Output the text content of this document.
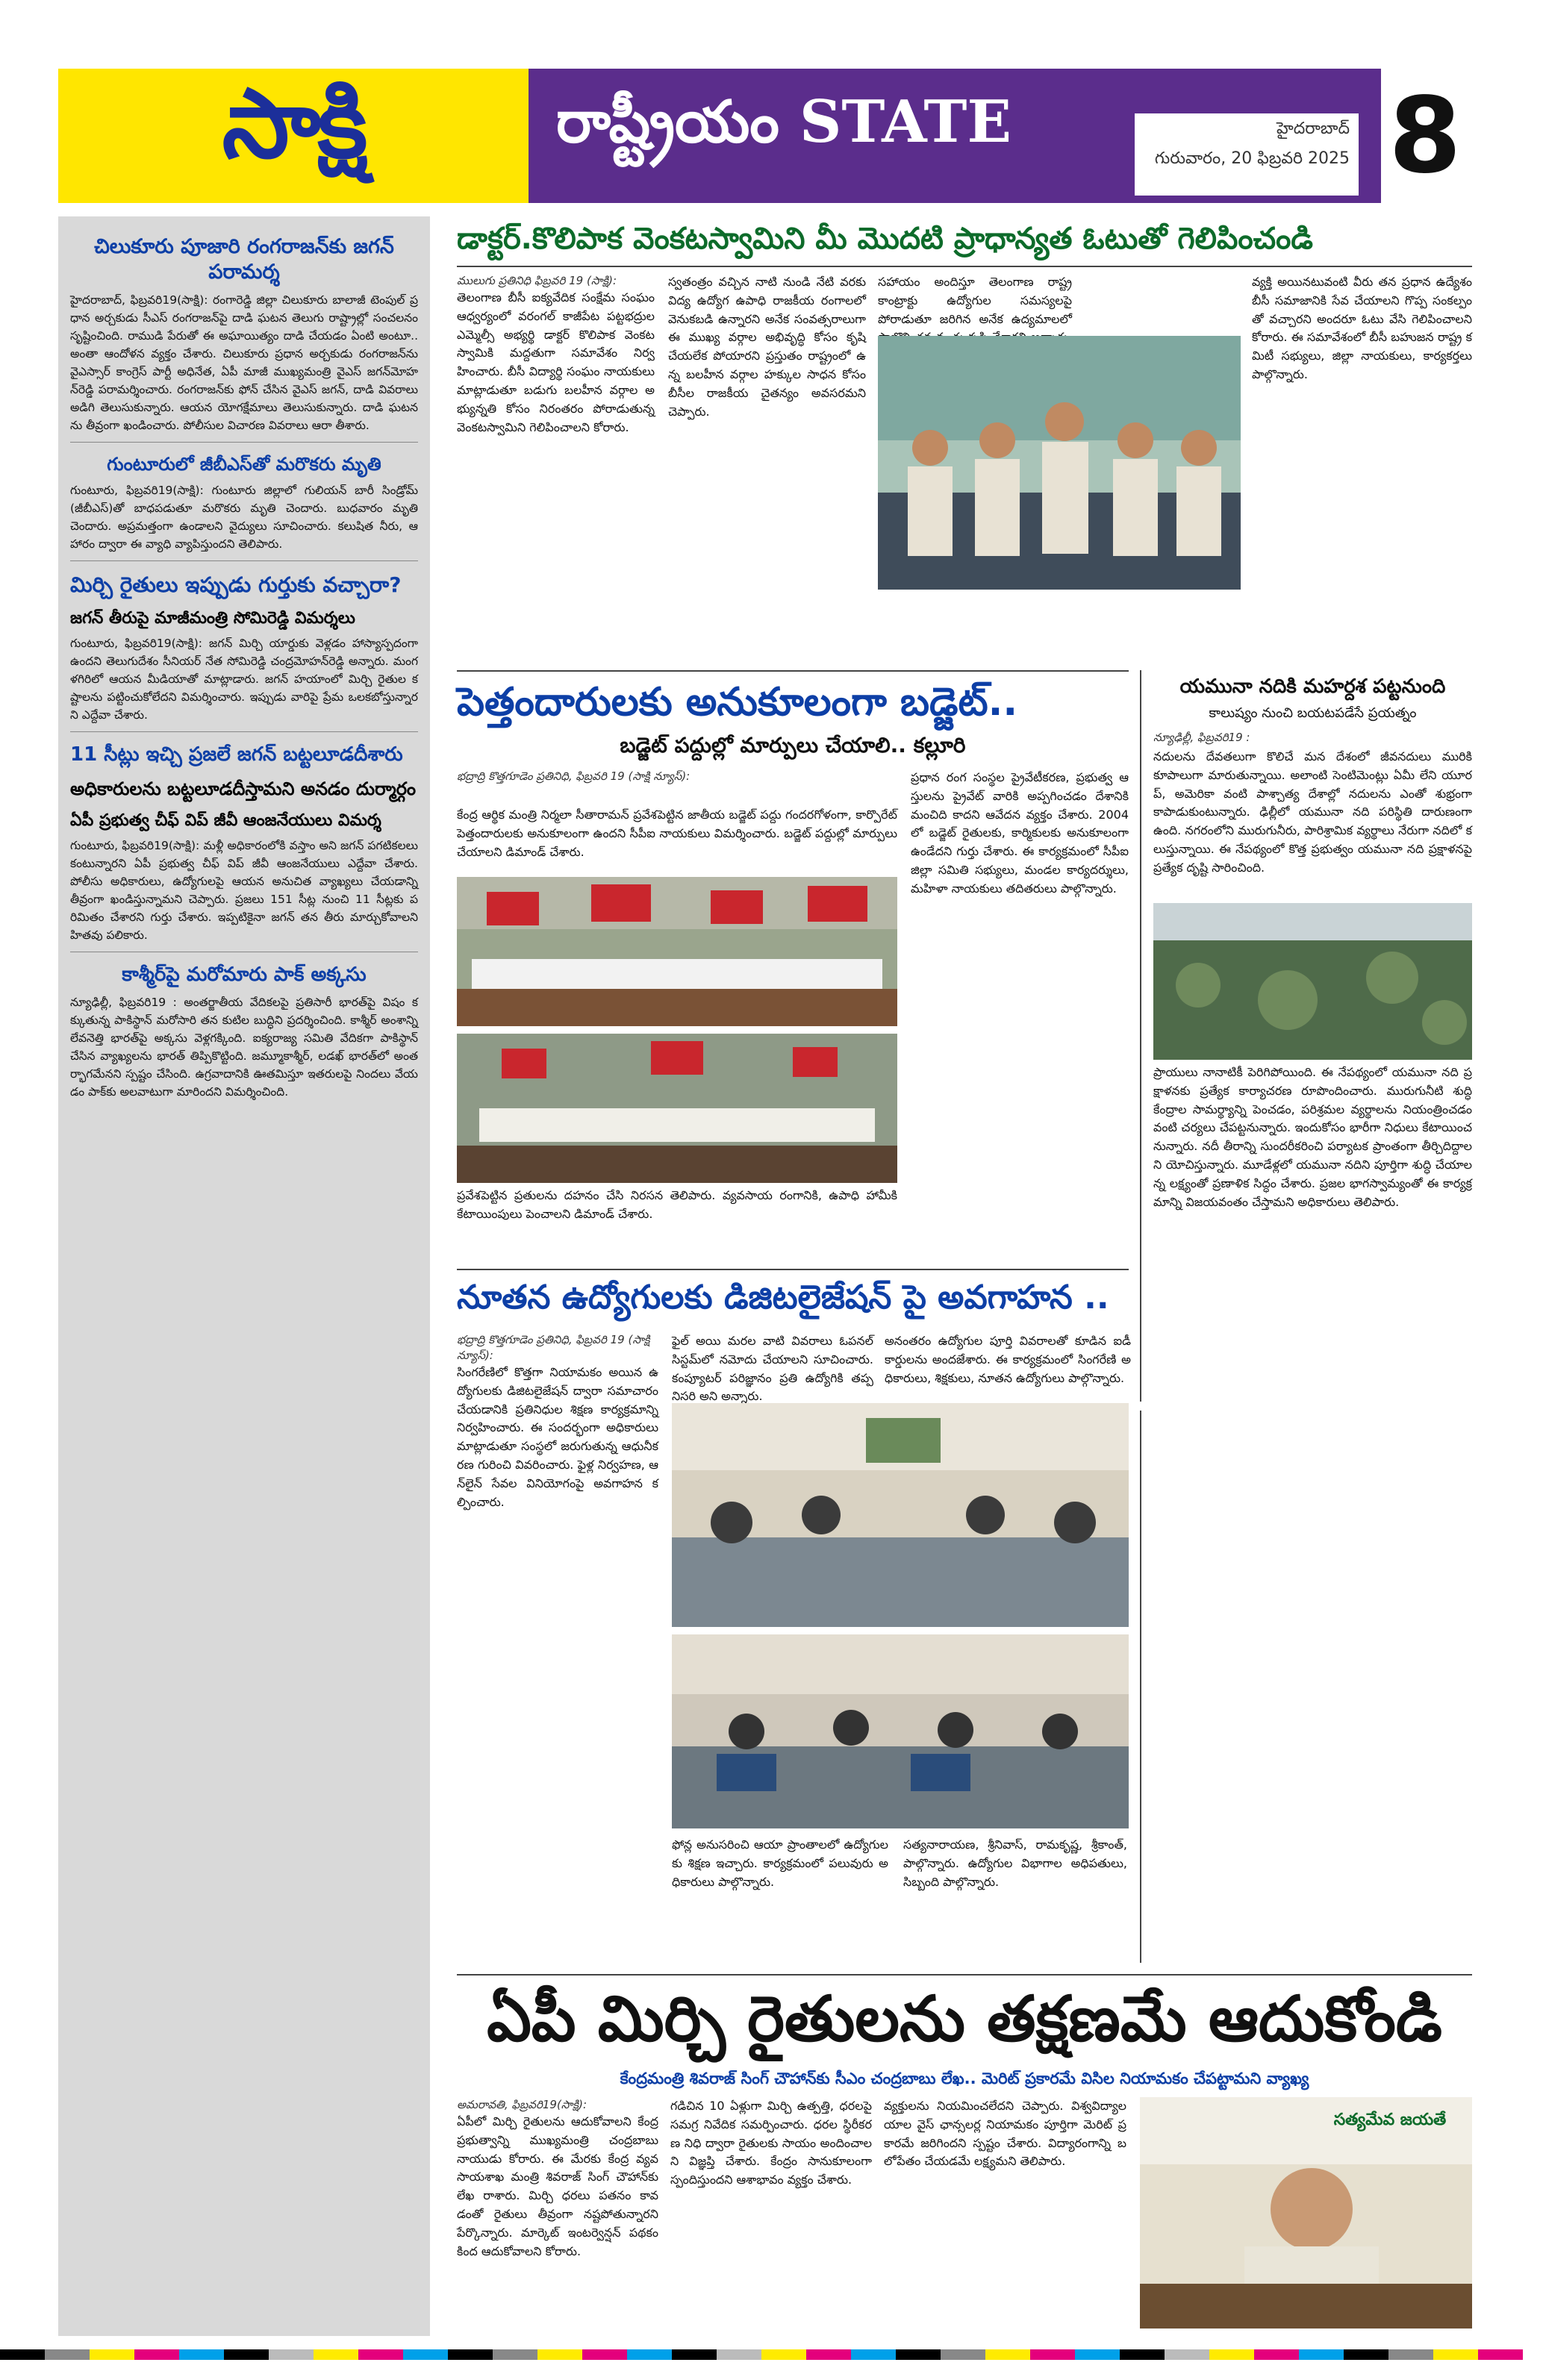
సాక్షి	రాష్ట్రీయం STATE	హైదరాబాద్
గురువారం, 20 ఫిబ్రవరి 2025 8
చిలుకూరు పూజారి రంగరాజన్‌కు జగన్ పరామర్శ
హైదరాబాద్, ఫిబ్రవరి19(సాక్షి): రంగారెడ్డి జిల్లా చిలుకూరు బాలాజీ టెంపుల్ ప్రధాన అర్చకుడు సీఎస్ రంగరాజన్‌పై దాడి ఘటన తెలుగు రాష్ట్రాల్లో సంచలనం సృష్టించింది. రాముడి పేరుతో ఈ అఘాయిత్యం దాడి చేయడం ఏంటి అంటూ.. అంతా ఆందోళన వ్యక్తం చేశారు. చిలుకూరు ప్రధాన అర్చకుడు రంగరాజన్‌ను వైఎస్సార్ కాంగ్రెస్ పార్టీ అధినేత, ఏపీ మాజీ ముఖ్యమంత్రి వైఎస్ జగన్‌మోహన్‌రెడ్డి పరామర్శించారు. రంగరాజన్‌కు ఫోన్ చేసిన వైఎస్ జగన్, దాడి వివరాలు అడిగి తెలుసుకున్నారు. ఆయన యోగక్షేమాలు తెలుసుకున్నారు. దాడి ఘటనను తీవ్రంగా ఖండించారు. పోలీసుల విచారణ వివరాలు ఆరా తీశారు.
గుంటూరులో జీబీఎస్‌తో మరొకరు మృతి
గుంటూరు, ఫిబ్రవరి19(సాక్షి): గుంటూరు జిల్లాలో గులియన్ బారీ సిండ్రోమ్ (జీబీఎస్)తో బాధపడుతూ మరొకరు మృతి చెందారు. బుధవారం మృతి చెందారు. అప్రమత్తంగా ఉండాలని వైద్యులు సూచించారు. కలుషిత నీరు, ఆహారం ద్వారా ఈ వ్యాధి వ్యాపిస్తుందని తెలిపారు.
మిర్చి రైతులు ఇప్పుడు గుర్తుకు వచ్చారా?
జగన్ తీరుపై మాజీమంత్రి సోమిరెడ్డి విమర్శలు
గుంటూరు, ఫిబ్రవరి19(సాక్షి): జగన్ మిర్చి యార్డుకు వెళ్లడం హాస్యాస్పదంగా ఉందని తెలుగుదేశం సీనియర్ నేత సోమిరెడ్డి చంద్రమోహన్‌రెడ్డి అన్నారు. మంగళగిరిలో ఆయన మీడియాతో మాట్లాడారు. జగన్ హయాంలో మిర్చి రైతుల కష్టాలను పట్టించుకోలేదని విమర్శించారు. ఇప్పుడు వారిపై ప్రేమ ఒలకబోస్తున్నారని ఎద్దేవా చేశారు.
11 సీట్లు ఇచ్చి ప్రజలే జగన్ బట్టలూడదీశారు
అధికారులను బట్టలూడదీస్తామని అనడం దుర్మార్గం
ఏపీ ప్రభుత్వ చీఫ్ విప్ జీవీ ఆంజనేయులు విమర్శ
గుంటూరు, ఫిబ్రవరి19(సాక్షి): మళ్లీ అధికారంలోకి వస్తాం అని జగన్ పగటికలలు కంటున్నారని ఏపీ ప్రభుత్వ చీఫ్ విప్ జీవీ ఆంజనేయులు ఎద్దేవా చేశారు. పోలీసు అధికారులు, ఉద్యోగులపై ఆయన అనుచిత వ్యాఖ్యలు చేయడాన్ని తీవ్రంగా ఖండిస్తున్నామని చెప్పారు. ప్రజలు 151 సీట్ల నుంచి 11 సీట్లకు పరిమితం చేశారని గుర్తు చేశారు. ఇప్పటికైనా జగన్ తన తీరు మార్చుకోవాలని హితవు పలికారు.
కాశ్మీర్‌పై మరోమారు పాక్ అక్కసు
న్యూఢిల్లీ, ఫిబ్రవరి19 : అంతర్జాతీయ వేదికలపై ప్రతిసారీ భారత్‌పై విషం కక్కుతున్న పాకిస్థాన్ మరోసారి తన కుటిల బుద్ధిని ప్రదర్శించింది. కాశ్మీర్ అంశాన్ని లేవనెత్తి భారత్‌పై అక్కసు వెళ్లగక్కింది. ఐక్యరాజ్య సమితి వేదికగా పాకిస్థాన్ చేసిన వ్యాఖ్యలను భారత్ తిప్పికొట్టింది. జమ్మూకాశ్మీర్, లడఖ్ భారత్‌లో అంతర్భాగమేనని స్పష్టం చేసింది. ఉగ్రవాదానికి ఊతమిస్తూ ఇతరులపై నిందలు వేయడం పాక్‌కు అలవాటుగా మారిందని విమర్శించింది.
డాక్టర్.కొలిపాక వెంకటస్వామిని మీ మొదటి ప్రాధాన్యత ఓటుతో గెలిపించండి
ములుగు ప్రతినిధి ఫిబ్రవరి 19 (సాక్షి):
తెలంగాణ బీసీ ఐక్యవేదిక సంక్షేమ సంఘం ఆధ్వర్యంలో వరంగల్ కాజీపేట పట్టభద్రుల ఎమ్మెల్సీ అభ్యర్థి డాక్టర్ కొలిపాక వెంకటస్వామికి మద్దతుగా సమావేశం నిర్వహించారు. బీసీ విద్యార్థి సంఘం నాయకులు మాట్లాడుతూ బడుగు బలహీన వర్గాల అభ్యున్నతి కోసం నిరంతరం పోరాడుతున్న వెంకటస్వామిని గెలిపించాలని కోరారు.
స్వతంత్రం వచ్చిన నాటి నుండి నేటి వరకు విద్య ఉద్యోగ ఉపాధి రాజకీయ రంగాలలో వెనుకబడి ఉన్నారని అనేక సంవత్సరాలుగా ఈ ముఖ్య వర్గాల అభివృద్ధి కోసం కృషి చేయలేక పోయారని ప్రస్తుతం రాష్ట్రంలో ఉన్న బలహీన వర్గాల హక్కుల సాధన కోసం బీసీల రాజకీయ చైతన్యం అవసరమని చెప్పారు.
సహాయం అందిస్తూ తెలంగాణ రాష్ట్ర కాంట్రాక్టు ఉద్యోగుల సమస్యలపై పోరాడుతూ జరిగిన అనేక ఉద్యమాలలో
వ్యక్తి అయినటువంటి వీరు తన ప్రధాన ఉద్యేశం బీసీ సమాజానికి సేవ చేయాలని గొప్ప సంకల్పం తో వచ్చారని అందరూ ఓటు వేసి గెలిపించాలని కోరారు. ఈ సమావేశంలో బీసీ బహుజన రాష్ట్ర కమిటీ సభ్యులు, జిల్లా నాయకులు, కార్యకర్తలు పాల్గొన్నారు.
పెత్తందారులకు అనుకూలంగా బడ్జెట్..
బడ్జెట్ పద్దుల్లో మార్పులు చేయాలి.. కల్లూరి
భద్రాద్రి కొత్తగూడెం ప్రతినిధి, ఫిబ్రవరి 19 (సాక్షి న్యూస్):
కేంద్ర ఆర్థిక మంత్రి నిర్మలా సీతారామన్ ప్రవేశపెట్టిన జాతీయ బడ్జెట్ పద్దు గందరగోళంగా, కార్పొరేట్ పెత్తందారులకు అనుకూలంగా ఉందని సీపీఐ నాయకులు విమర్శించారు. బడ్జెట్ పద్దుల్లో మార్పులు చేయాలని డిమాండ్ చేశారు.
ప్రవేశపెట్టిన ప్రతులను దహనం చేసి నిరసన తెలిపారు. వ్యవసాయ రంగానికి, ఉపాధి హామీకి కేటాయింపులు పెంచాలని డిమాండ్ చేశారు.
ప్రధాన రంగ సంస్థల ప్రైవేటీకరణ, ప్రభుత్వ ఆస్తులను ప్రైవేట్ వారికి అప్పగించడం దేశానికి మంచిది కాదని ఆవేదన వ్యక్తం చేశారు. 2004లో బడ్జెట్ రైతులకు, కార్మికులకు అనుకూలంగా ఉండేదని గుర్తు చేశారు. ఈ కార్యక్రమంలో సీపీఐ జిల్లా సమితి సభ్యులు, మండల కార్యదర్శులు, మహిళా నాయకులు తదితరులు పాల్గొన్నారు.
యమునా నదికి మహర్దశ పట్టనుంది
కాలుష్యం నుంచి బయటపడేసే ప్రయత్నం
న్యూఢిల్లీ, ఫిబ్రవరి19 :
నదులను దేవతలుగా కొలిచే మన దేశంలో జీవనదులు మురికి కూపాలుగా మారుతున్నాయి. అలాంటి సెంటిమెంట్లు ఏమీ లేని యూరప్, అమెరికా వంటి పాశ్చాత్య దేశాల్లో నదులను ఎంతో శుభ్రంగా కాపాడుకుంటున్నారు. ఢిల్లీలో యమునా నది పరిస్థితి దారుణంగా ఉంది. నగరంలోని మురుగునీరు, పారిశ్రామిక వ్యర్థాలు నేరుగా నదిలో కలుస్తున్నాయి. ఈ నేపథ్యంలో కొత్త ప్రభుత్వం యమునా నది ప్రక్షాళనపై ప్రత్యేక దృష్టి సారించింది.
ప్రాయులు నానాటికీ పెరిగిపోయింది. ఈ నేపథ్యంలో యమునా నది ప్రక్షాళనకు ప్రత్యేక కార్యాచరణ రూపొందించారు. మురుగునీటి శుద్ధి కేంద్రాల సామర్థ్యాన్ని పెంచడం, పరిశ్రమల వ్యర్థాలను నియంత్రించడం వంటి చర్యలు చేపట్టనున్నారు. ఇందుకోసం భారీగా నిధులు కేటాయించనున్నారు. నదీ తీరాన్ని సుందరీకరించి పర్యాటక ప్రాంతంగా తీర్చిదిద్దాలని యోచిస్తున్నారు. మూడేళ్లలో యమునా నదిని పూర్తిగా శుద్ధి చేయాలన్న లక్ష్యంతో ప్రణాళిక సిద్ధం చేశారు. ప్రజల భాగస్వామ్యంతో ఈ కార్యక్రమాన్ని విజయవంతం చేస్తామని అధికారులు తెలిపారు.
నూతన ఉద్యోగులకు డిజిటలైజేషన్ పై అవగాహన ..
భద్రాద్రి కొత్తగూడెం ప్రతినిధి, ఫిబ్రవరి 19 (సాక్షి న్యూస్):
సింగరేణిలో కొత్తగా నియామకం అయిన ఉద్యోగులకు డిజిటలైజేషన్ ద్వారా సమాచారం చేయడానికి ప్రతినిధుల శిక్షణ కార్యక్రమాన్ని నిర్వహించారు. ఈ సందర్భంగా అధికారులు మాట్లాడుతూ సంస్థలో జరుగుతున్న ఆధునీకరణ గురించి వివరించారు. ఫైళ్ల నిర్వహణ, ఆన్‌లైన్ సేవల వినియోగంపై అవగాహన కల్పించారు.
ఫైల్ అయి మరల వాటి వివరాలు ఓపనల్ సిస్టమ్‌లో నమోదు చేయాలని సూచించారు. కంప్యూటర్ పరిజ్ఞానం ప్రతి ఉద్యోగికి తప్పనిసరి అని అన్నారు.
అనంతరం ఉద్యోగుల పూర్తి వివరాలతో కూడిన ఐడీ కార్డులను అందజేశారు. ఈ కార్యక్రమంలో సింగరేణి అధికారులు, శిక్షకులు, నూతన ఉద్యోగులు పాల్గొన్నారు.
ఫోన్ల అనుసరించి ఆయా ప్రాంతాలలో ఉద్యోగులకు శిక్షణ ఇచ్చారు. కార్యక్రమంలో పలువురు అధికారులు పాల్గొన్నారు.
సత్యనారాయణ, శ్రీనివాస్, రామకృష్ణ, శ్రీకాంత్, పాల్గొన్నారు. ఉద్యోగుల విభాగాల అధిపతులు, సిబ్బంది పాల్గొన్నారు.
ఏపీ మిర్చి రైతులను తక్షణమే ఆదుకోండి
కేంద్రమంత్రి శివరాజ్ సింగ్ చౌహాన్‌కు సీఎం చంద్రబాబు లేఖ.. మెరిట్ ప్రకారమే విసిల నియామకం చేపట్టామని వ్యాఖ్య
అమరావతి, ఫిబ్రవరి19(సాక్షి):
ఏపీలో మిర్చి రైతులను ఆదుకోవాలని కేంద్ర ప్రభుత్వాన్ని ముఖ్యమంత్రి చంద్రబాబు నాయుడు కోరారు. ఈ మేరకు కేంద్ర వ్యవసాయశాఖ మంత్రి శివరాజ్ సింగ్ చౌహాన్‌కు లేఖ రాశారు. మిర్చి ధరలు పతనం కావడంతో రైతులు తీవ్రంగా నష్టపోతున్నారని పేర్కొన్నారు. మార్కెట్ ఇంటర్వెన్షన్ పథకం కింద ఆదుకోవాలని కోరారు.
గడిచిన 10 ఏళ్లుగా మిర్చి ఉత్పత్తి, ధరలపై సమగ్ర నివేదిక సమర్పించారు. ధరల స్థిరీకరణ నిధి ద్వారా రైతులకు సాయం అందించాలని విజ్ఞప్తి చేశారు. కేంద్రం సానుకూలంగా స్పందిస్తుందని ఆశాభావం వ్యక్తం చేశారు.
వ్యక్తులను నియమించలేదని చెప్పారు. విశ్వవిద్యాలయాల వైస్ ఛాన్సలర్ల నియామకం పూర్తిగా మెరిట్ ప్రకారమే జరిగిందని స్పష్టం చేశారు. విద్యారంగాన్ని బలోపేతం చేయడమే లక్ష్యమని తెలిపారు.
సత్యమేవ జయతే
